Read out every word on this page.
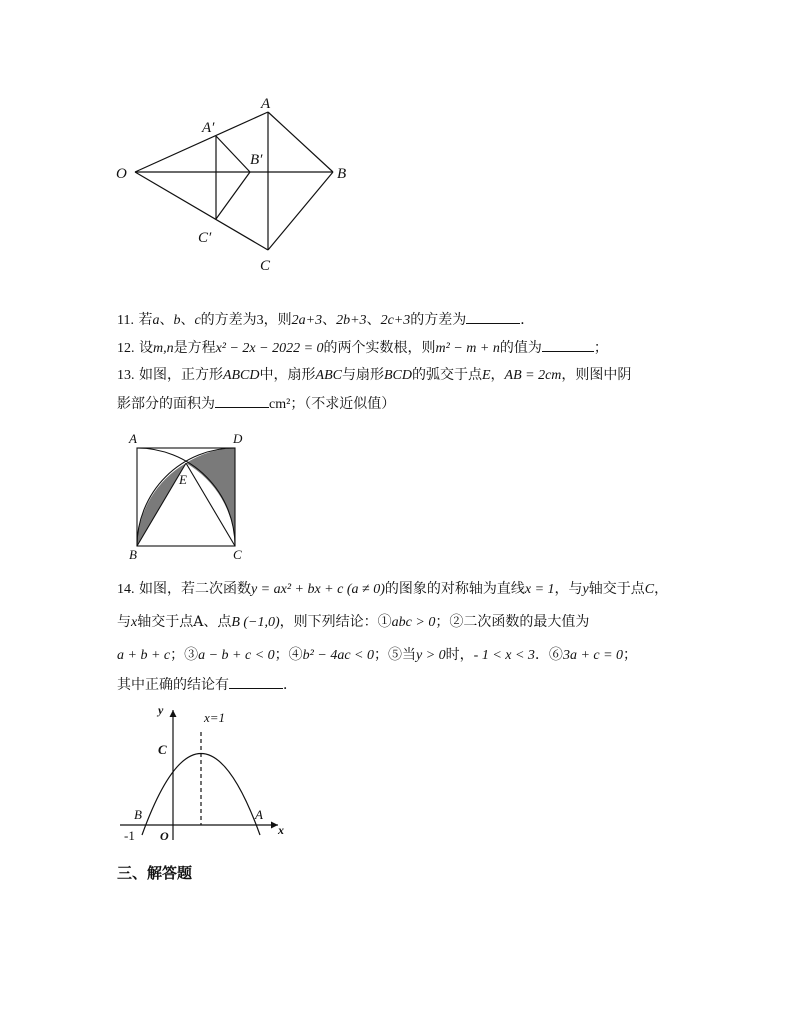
O
A
B
C
A′
B′
C′
11. 若a、b、c的方差为3，则2a+3、2b+3、2c+3的方差为	．
12. 设m,n是方程x² − 2x − 2022 = 0的两个实数根，则m² − m + n的值为	；
13. 如图，正方形ABCD中，扇形ABC与扇形BCD的弧交于点E，AB = 2cm，则图中阴
影部分的面积为	cm²；（不求近似值）
A	D
E
B	C
14. 如图，若二次函数y = ax² + bx + c (a ≠ 0)的图象的对称轴为直线x = 1，与y轴交于点C，
与x轴交于点A、点B (−1,0)，则下列结论：①abc > 0；②二次函数的最大值为
a + b + c；③a − b + c < 0；④b² − 4ac < 0；⑤当y > 0时，- 1 < x < 3．⑥3a + c = 0；
其中正确的结论有	．
y	x=1
C
B	A
-1 O	x
三、解答题
